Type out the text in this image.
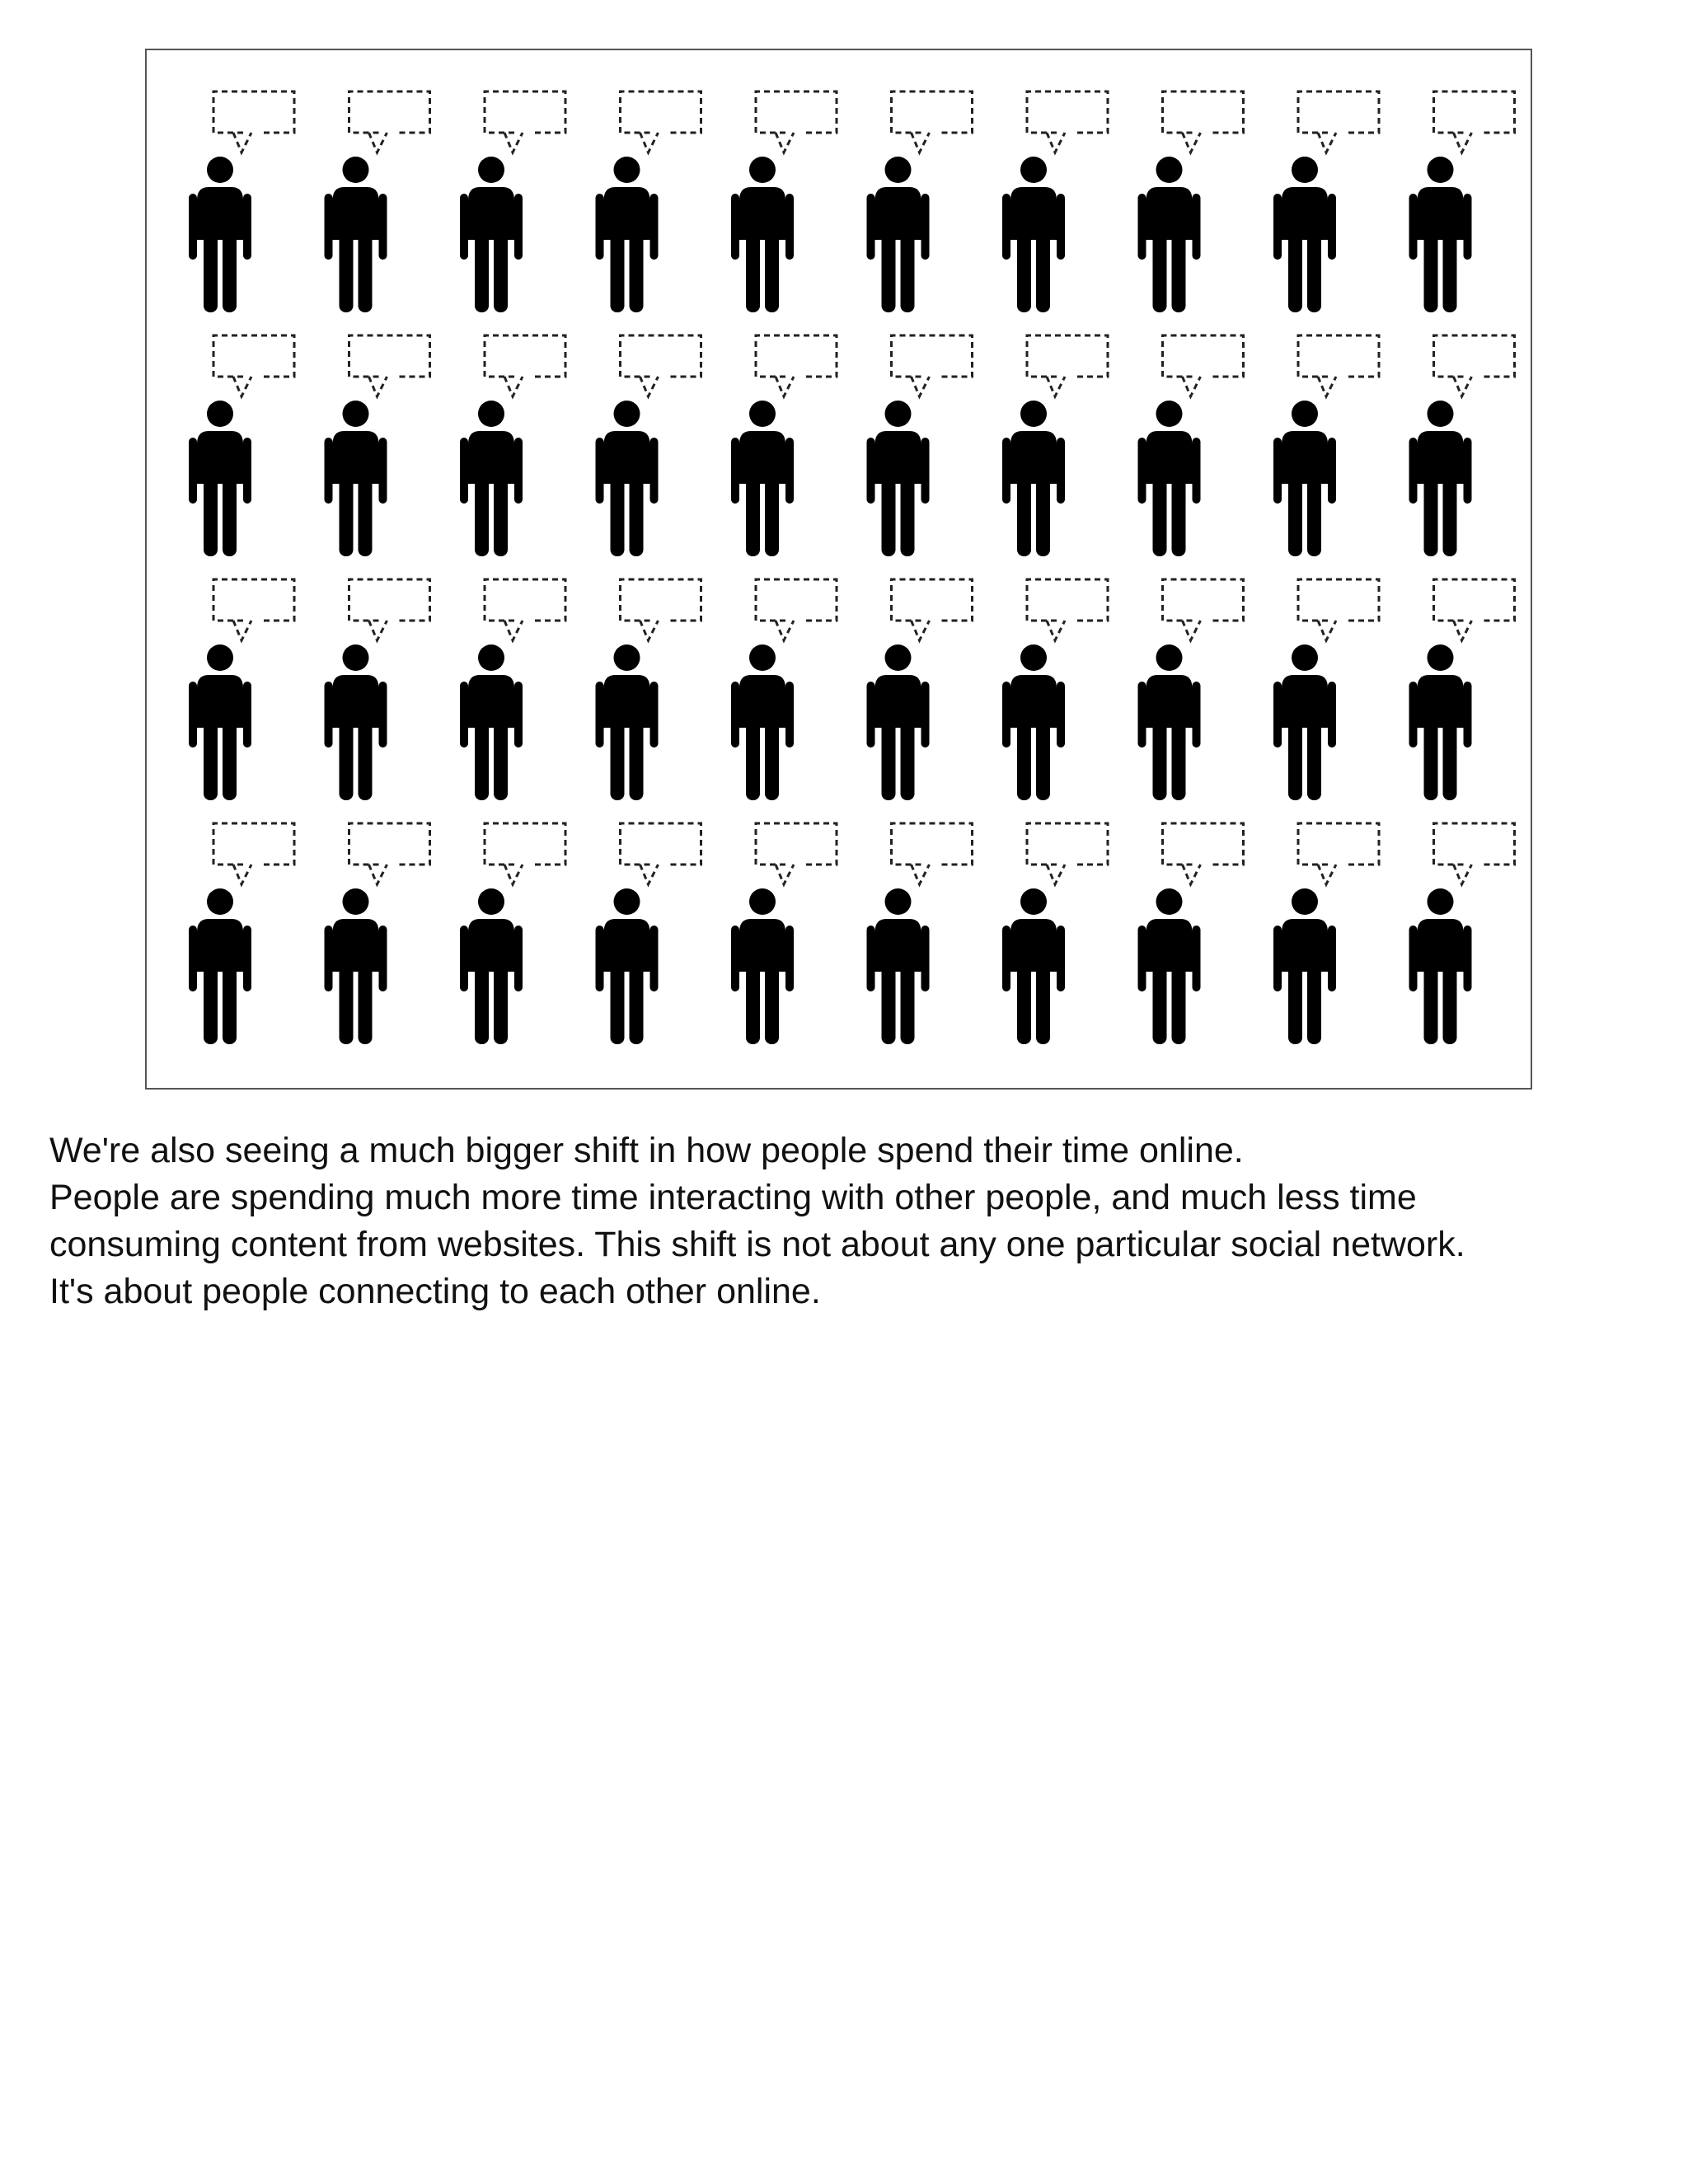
We're also seeing a much bigger shift in how people spend their time online.

People are spending much more time interacting with other people, and much less time

consuming content from websites. This shift is not about any one particular social network.

It's about people connecting to each other online.
